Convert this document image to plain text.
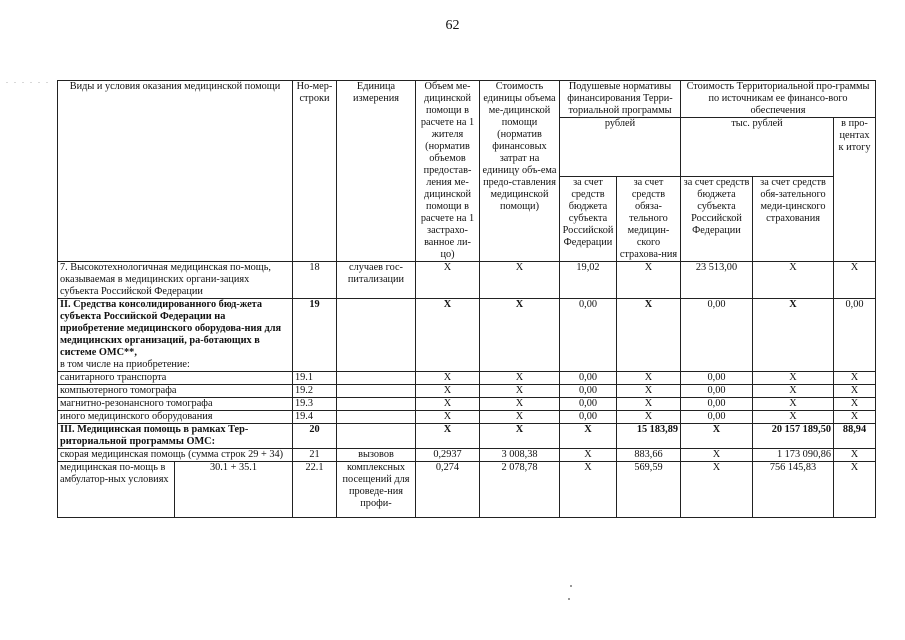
62
. . . . . .
Виды и условия оказания медицинской помощи		Но-мер-строки	Единица измерения	Объем ме-дицинской помощи в расчете на 1 жителя (норматив объемов предостав-ления ме-дицинской помощи в расчете на 1 застрахо-ванное ли-цо)	Стоимость единицы объема ме-дицинской помощи (норматив финансовых затрат на единицу объ-ема предо-ставления медицинской помощи)	Подушевые нормативы финансирования Терри-ториальной программы		Стоимость Территориальной про-граммы по источникам ее финансо-вого обеспечения		
						рублей		тыс. рублей		в про-центах к итогу
						за счет средств бюджета субъекта Российской Федерации	за счет средств обяза-тельного медицин-ского страхова-ния	за счет средств бюджета субъекта Российской Федерации	за счет средств обя-зательного меди-цинского страхования	
7. Высокотехнологичная медицинская по-мощь, оказываемая в медицинских органи-зациях субъекта Российской Федерации		18	случаев гос-питализации	X	X	19,02	X	23 513,00	X	X

II. Средства консолидированного бюд-жета субъекта Российской Федерации на приобретение медицинского оборудова-ния для медицинских организаций, ра-ботающих в системе ОМС**,
в том числе на приобретение:		19		X	X	0,00	X	0,00	X	0,00
санитарного транспорта		19.1		X	X	0,00	X	0,00	X	X
компьютерного томографа		19.2		X	X	0,00	X	0,00	X	X
магнитно-резонансного томографа		19.3		X	X	0,00	X	0,00	X	X
иного медицинского оборудования		19.4		X	X	0,00	X	0,00	X	X
III. Медицинская помощь в рамках Тер-риториальной программы ОМС:		20		X	X	X	15 183,89	X	20 157 189,50	88,94
скорая медицинская помощь (сумма строк 29 + 34)		21	вызовов	0,2937	3 008,38	X	883,66	X	1 173 090,86	X
медицинская по-мощь в амбулатор-ных условиях	30.1 + 35.1	22.1	комплексных посещений для проведе-ния профи-	0,274	2 078,78	X	569,59	X	756 145,83	X
